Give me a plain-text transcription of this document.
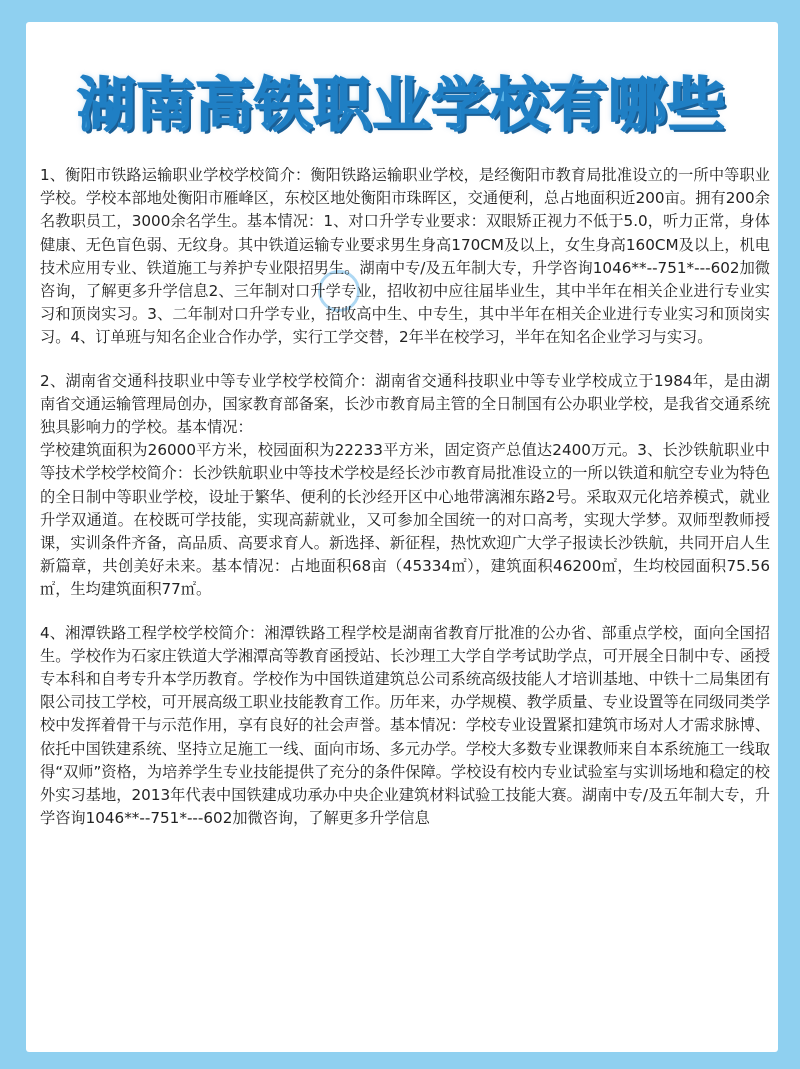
湖南高铁职业学校有哪些

1、衡阳市铁路运输职业学校学校简介：衡阳铁路运输职业学校，是经衡阳市教育局批准设立的一所中等职业学校。学校本部地处衡阳市雁峰区，东校区地处衡阳市珠晖区，交通便利，总占地面积近200亩。拥有200余名教职员工，3000余名学生。基本情况：1、对口升学专业要求：双眼矫正视力不低于5.0，听力正常，身体健康、无色盲色弱、无纹身。其中铁道运输专业要求男生身高170CM及以上，女生身高160CM及以上，机电技术应用专业、铁道施工与养护专业限招男生。湖南中专/及五年制大专，升学咨询1046**--751*---602加微咨询，了解更多升学信息2、三年制对口升学专业，招收初中应往届毕业生，其中半年在相关企业进行专业实习和顶岗实习。3、二年制对口升学专业，招收高中生、中专生，其中半年在相关企业进行专业实习和顶岗实习。4、订单班与知名企业合作办学，实行工学交替，2年半在校学习，半年在知名企业学习与实习。

2、湖南省交通科技职业中等专业学校学校简介：湖南省交通科技职业中等专业学校成立于1984年，是由湖南省交通运输管理局创办，国家教育部备案，长沙市教育局主管的全日制国有公办职业学校，是我省交通系统独具影响力的学校。基本情况：
学校建筑面积为26000平方米，校园面积为22233平方米，固定资产总值达2400万元。3、长沙铁航职业中等技术学校学校简介：长沙铁航职业中等技术学校是经长沙市教育局批准设立的一所以铁道和航空专业为特色的全日制中等职业学校，设址于繁华、便利的长沙经开区中心地带漓湘东路2号。采取双元化培养模式，就业升学双通道。在校既可学技能，实现高薪就业，又可参加全国统一的对口高考，实现大学梦。双师型教师授课，实训条件齐备，高品质、高要求育人。新选择、新征程，热忱欢迎广大学子报读长沙铁航，共同开启人生新篇章，共创美好未来。基本情况：占地面积68亩（45334㎡），建筑面积46200㎡，生均校园面积75.56㎡，生均建筑面积77㎡。

4、湘潭铁路工程学校学校简介：湘潭铁路工程学校是湖南省教育厅批准的公办省、部重点学校，面向全国招生。学校作为石家庄铁道大学湘潭高等教育函授站、长沙理工大学自学考试助学点，可开展全日制中专、函授专本科和自考专升本学历教育。学校作为中国铁道建筑总公司系统高级技能人才培训基地、中铁十二局集团有限公司技工学校，可开展高级工职业技能教育工作。历年来，办学规模、教学质量、专业设置等在同级同类学校中发挥着骨干与示范作用，享有良好的社会声誉。基本情况：学校专业设置紧扣建筑市场对人才需求脉博、依托中国铁建系统、坚持立足施工一线、面向市场、多元办学。学校大多数专业课教师来自本系统施工一线取得“双师”资格，为培养学生专业技能提供了充分的条件保障。学校设有校内专业试验室与实训场地和稳定的校外实习基地，2013年代表中国铁建成功承办中央企业建筑材料试验工技能大赛。湖南中专/及五年制大专，升学咨询1046**--751*---602加微咨询，了解更多升学信息
